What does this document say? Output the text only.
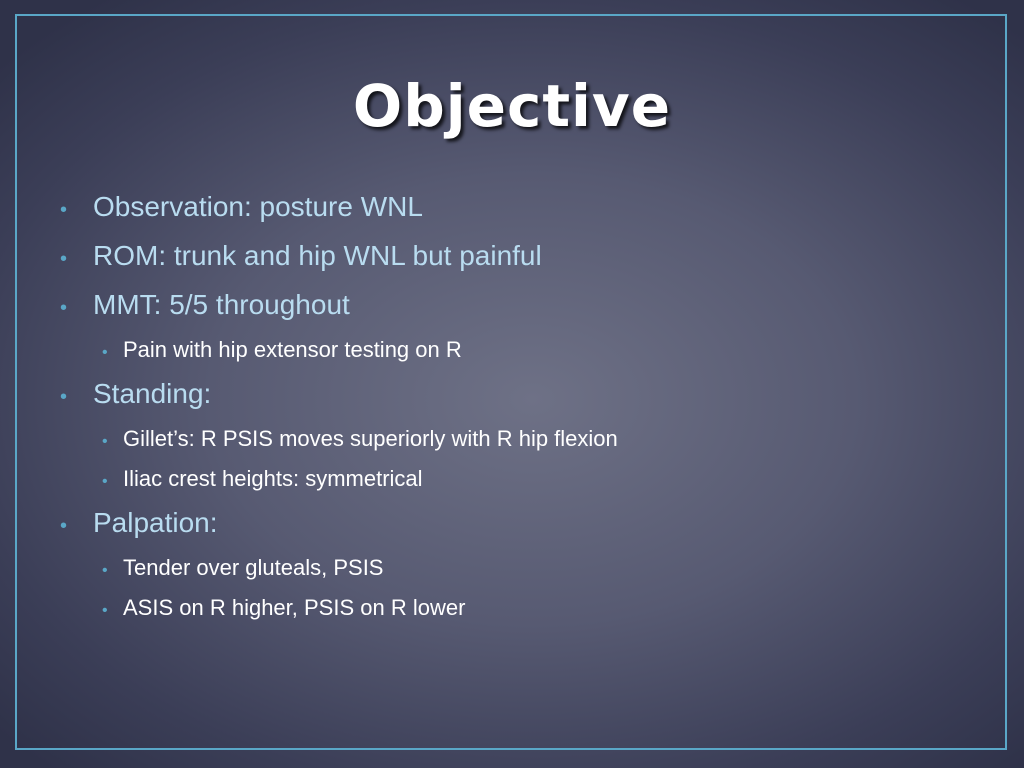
Objective
• Observation: posture WNL
• ROM: trunk and hip WNL but painful
• MMT: 5/5 throughout
• Pain with hip extensor testing on R
• Standing:
• Gillet’s: R PSIS moves superiorly with R hip flexion
• Iliac crest heights: symmetrical
• Palpation:
• Tender over gluteals, PSIS
• ASIS on R higher, PSIS on R lower
